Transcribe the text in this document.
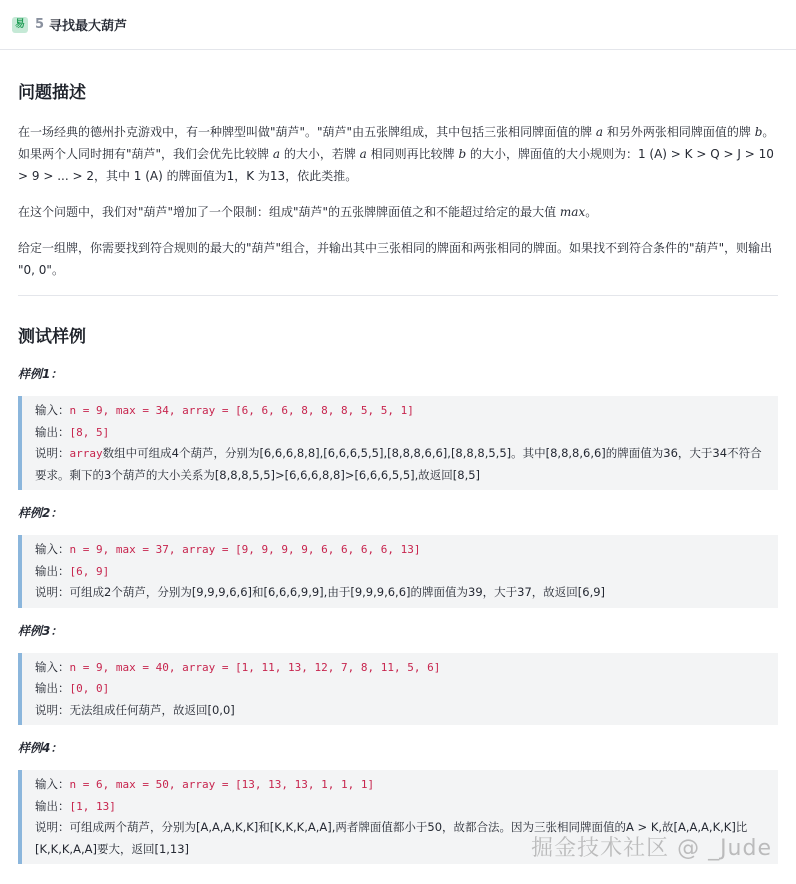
易 5 寻找最大葫芦
问题描述

在一场经典的德州扑克游戏中，有一种牌型叫做"葫芦"。"葫芦"由五张牌组成，其中包括三张相同牌面值的牌 a 和另外两张相同牌面值的牌 b。如果两个人同时拥有"葫芦"，我们会优先比较牌 a 的大小，若牌 a 相同则再比较牌 b 的大小，牌面值的大小规则为：1 (A) > K > Q > J > 10 > 9 > ... > 2，其中 1 (A) 的牌面值为1，K 为13，依此类推。

在这个问题中，我们对"葫芦"增加了一个限制：组成"葫芦"的五张牌牌面值之和不能超过给定的最大值 max。

给定一组牌，你需要找到符合规则的最大的"葫芦"组合，并输出其中三张相同的牌面和两张相同的牌面。如果找不到符合条件的"葫芦"，则输出 "0, 0"。

测试样例
样例1：
输入：n = 9, max = 34, array = [6, 6, 6, 8, 8, 8, 5, 5, 1]
输出：[8, 5]
说明：array数组中可组成4个葫芦，分别为[6,6,6,8,8],[6,6,6,5,5],[8,8,8,6,6],[8,8,8,5,5]。其中[8,8,8,6,6]的牌面值为36，大于34不符合要求。剩下的3个葫芦的大小关系为[8,8,8,5,5]>[6,6,6,8,8]>[6,6,6,5,5],故返回[8,5]
样例2：
输入：n = 9, max = 37, array = [9, 9, 9, 9, 6, 6, 6, 6, 13]
输出：[6, 9]
说明：可组成2个葫芦，分别为[9,9,9,6,6]和[6,6,6,9,9],由于[9,9,9,6,6]的牌面值为39，大于37，故返回[6,9]
样例3：
输入：n = 9, max = 40, array = [1, 11, 13, 12, 7, 8, 11, 5, 6]
输出：[0, 0]
说明：无法组成任何葫芦，故返回[0,0]
样例4：
输入：n = 6, max = 50, array = [13, 13, 13, 1, 1, 1]
输出：[1, 13]
说明：可组成两个葫芦，分别为[A,A,A,K,K]和[K,K,K,A,A],两者牌面值都小于50，故都合法。因为三张相同牌面值的A > K,故[A,A,A,K,K]比[K,K,K,A,A]要大，返回[1,13]	掘金技术社区 @ _Jude
